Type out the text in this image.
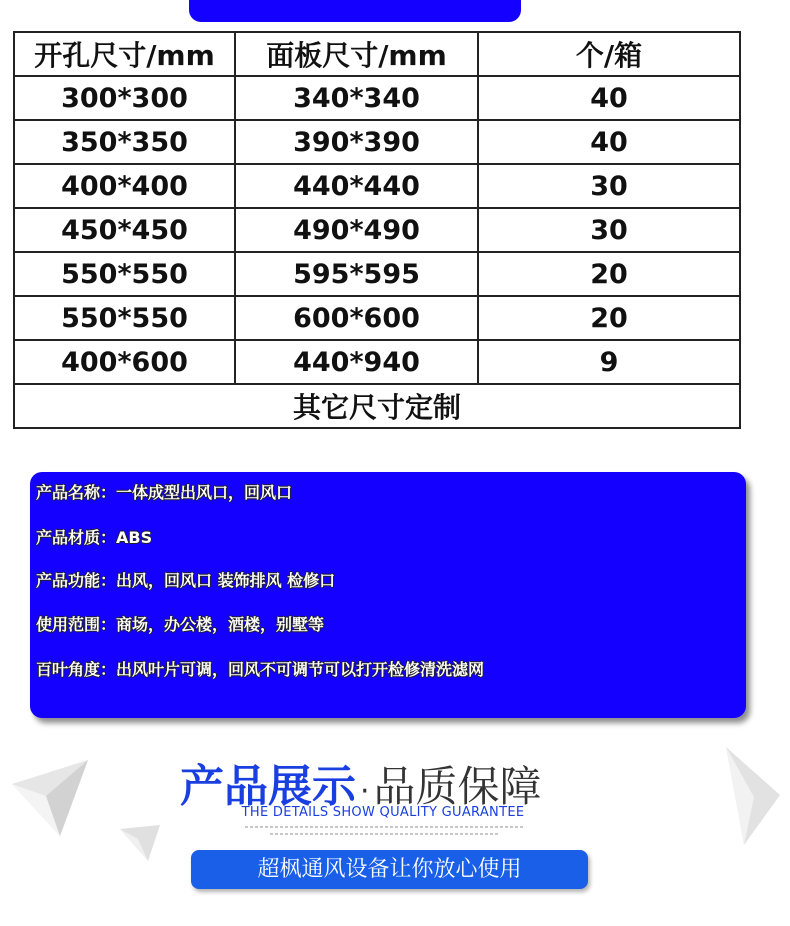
开孔尺寸/mm	面板尺寸/mm	个/箱
300*300	340*340	40
350*350	390*390	40
400*400	440*440	30
450*450	490*490	30
550*550	595*595	20
550*550	600*600	20
400*600	440*940	9
其它尺寸定制		
产品名称：一体成型出风口，回风口
产品材质：ABS
产品功能：出风，回风口 装饰排风 检修口
使用范围：商场，办公楼，酒楼，别墅等
百叶角度：出风叶片可调，回风不可调节可以打开检修清洗滤网
产品展示 ·品质保障
THE DETAILS SHOW QUALITY GUARANTEE
超枫通风设备让你放心使用
